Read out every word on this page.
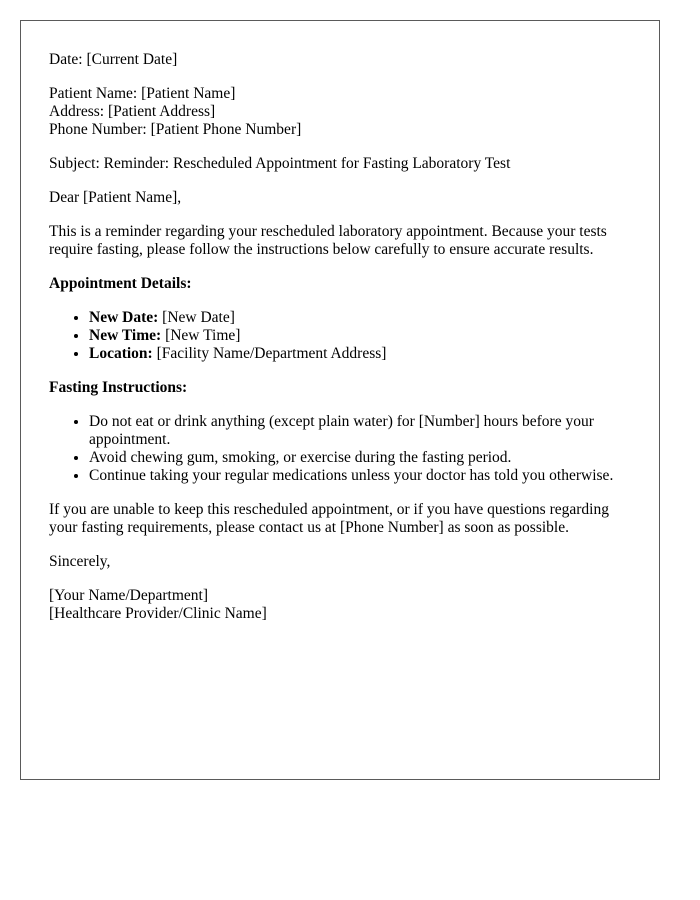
Date: [Current Date]

Patient Name: [Patient Name]
Address: [Patient Address]
Phone Number: [Patient Phone Number]

Subject: Reminder: Rescheduled Appointment for Fasting Laboratory Test

Dear [Patient Name],

This is a reminder regarding your rescheduled laboratory appointment. Because your tests require fasting, please follow the instructions below carefully to ensure accurate results.

Appointment Details:

• New Date: [New Date]
• New Time: [New Time]
• Location: [Facility Name/Department Address]

Fasting Instructions:

• Do not eat or drink anything (except plain water) for [Number] hours before your appointment.
• Avoid chewing gum, smoking, or exercise during the fasting period.
• Continue taking your regular medications unless your doctor has told you otherwise.

If you are unable to keep this rescheduled appointment, or if you have questions regarding your fasting requirements, please contact us at [Phone Number] as soon as possible.

Sincerely,

[Your Name/Department]
[Healthcare Provider/Clinic Name]
